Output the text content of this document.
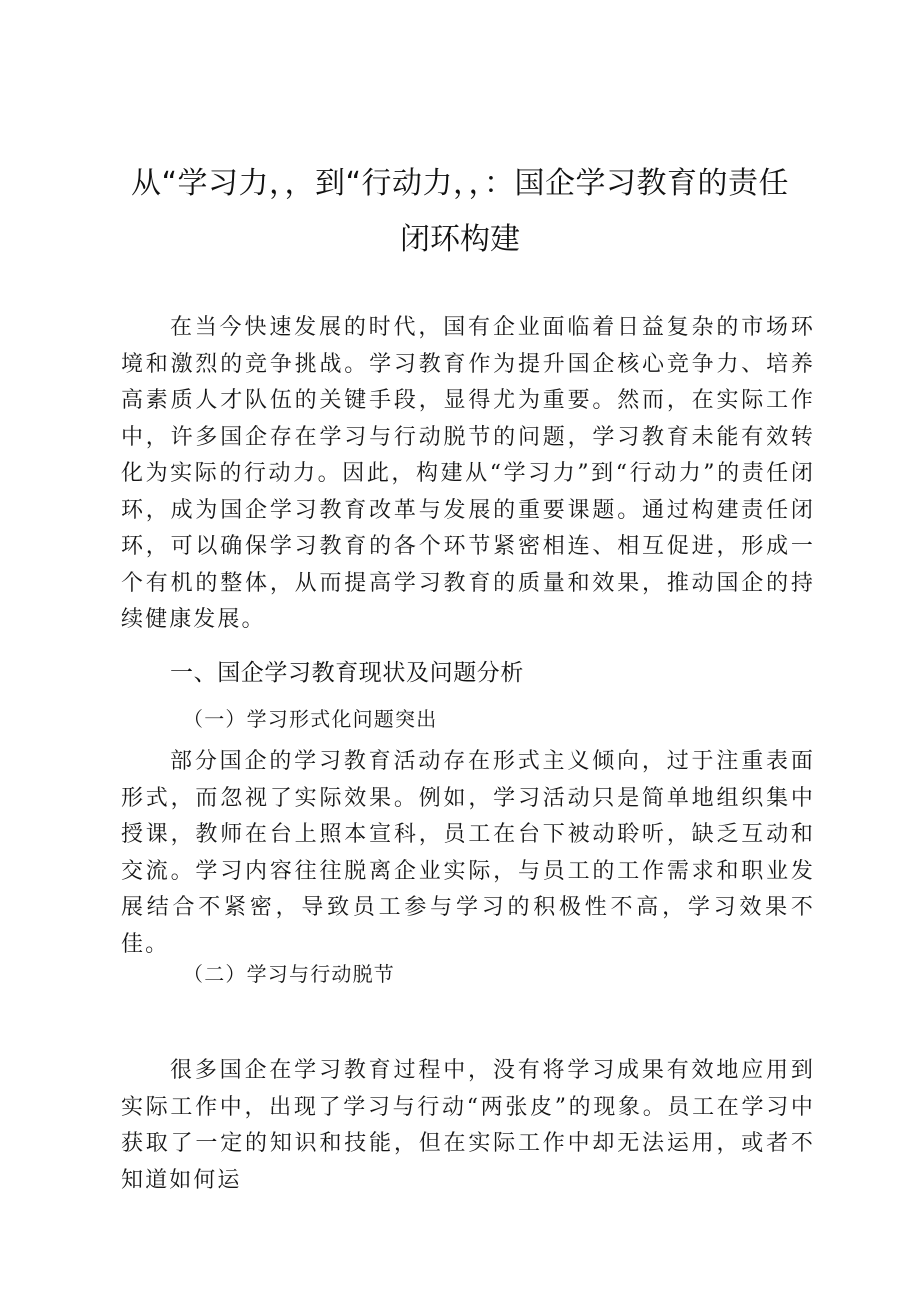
从“学习力，，到“行动力，，：国企学习教育的责任
闭环构建

在当今快速发展的时代，国有企业面临着日益复杂的市场环境和激烈的竞争挑战。学习教育作为提升国企核心竞争力、培养高素质人才队伍的关键手段，显得尤为重要。然而，在实际工作中，许多国企存在学习与行动脱节的问题，学习教育未能有效转化为实际的行动力。因此，构建从“学习力”到“行动力”的责任闭环，成为国企学习教育改革与发展的重要课题。通过构建责任闭环，可以确保学习教育的各个环节紧密相连、相互促进，形成一个有机的整体，从而提高学习教育的质量和效果，推动国企的持续健康发展。

一、国企学习教育现状及问题分析
（一）学习形式化问题突出

部分国企的学习教育活动存在形式主义倾向，过于注重表面形式，而忽视了实际效果。例如，学习活动只是简单地组织集中授课，教师在台上照本宣科，员工在台下被动聆听，缺乏互动和交流。学习内容往往脱离企业实际，与员工的工作需求和职业发展结合不紧密，导致员工参与学习的积极性不高，学习效果不佳。

（二）学习与行动脱节

很多国企在学习教育过程中，没有将学习成果有效地应用到实际工作中，出现了学习与行动“两张皮”的现象。员工在学习中获取了一定的知识和技能，但在实际工作中却无法运用，或者不知道如何运
